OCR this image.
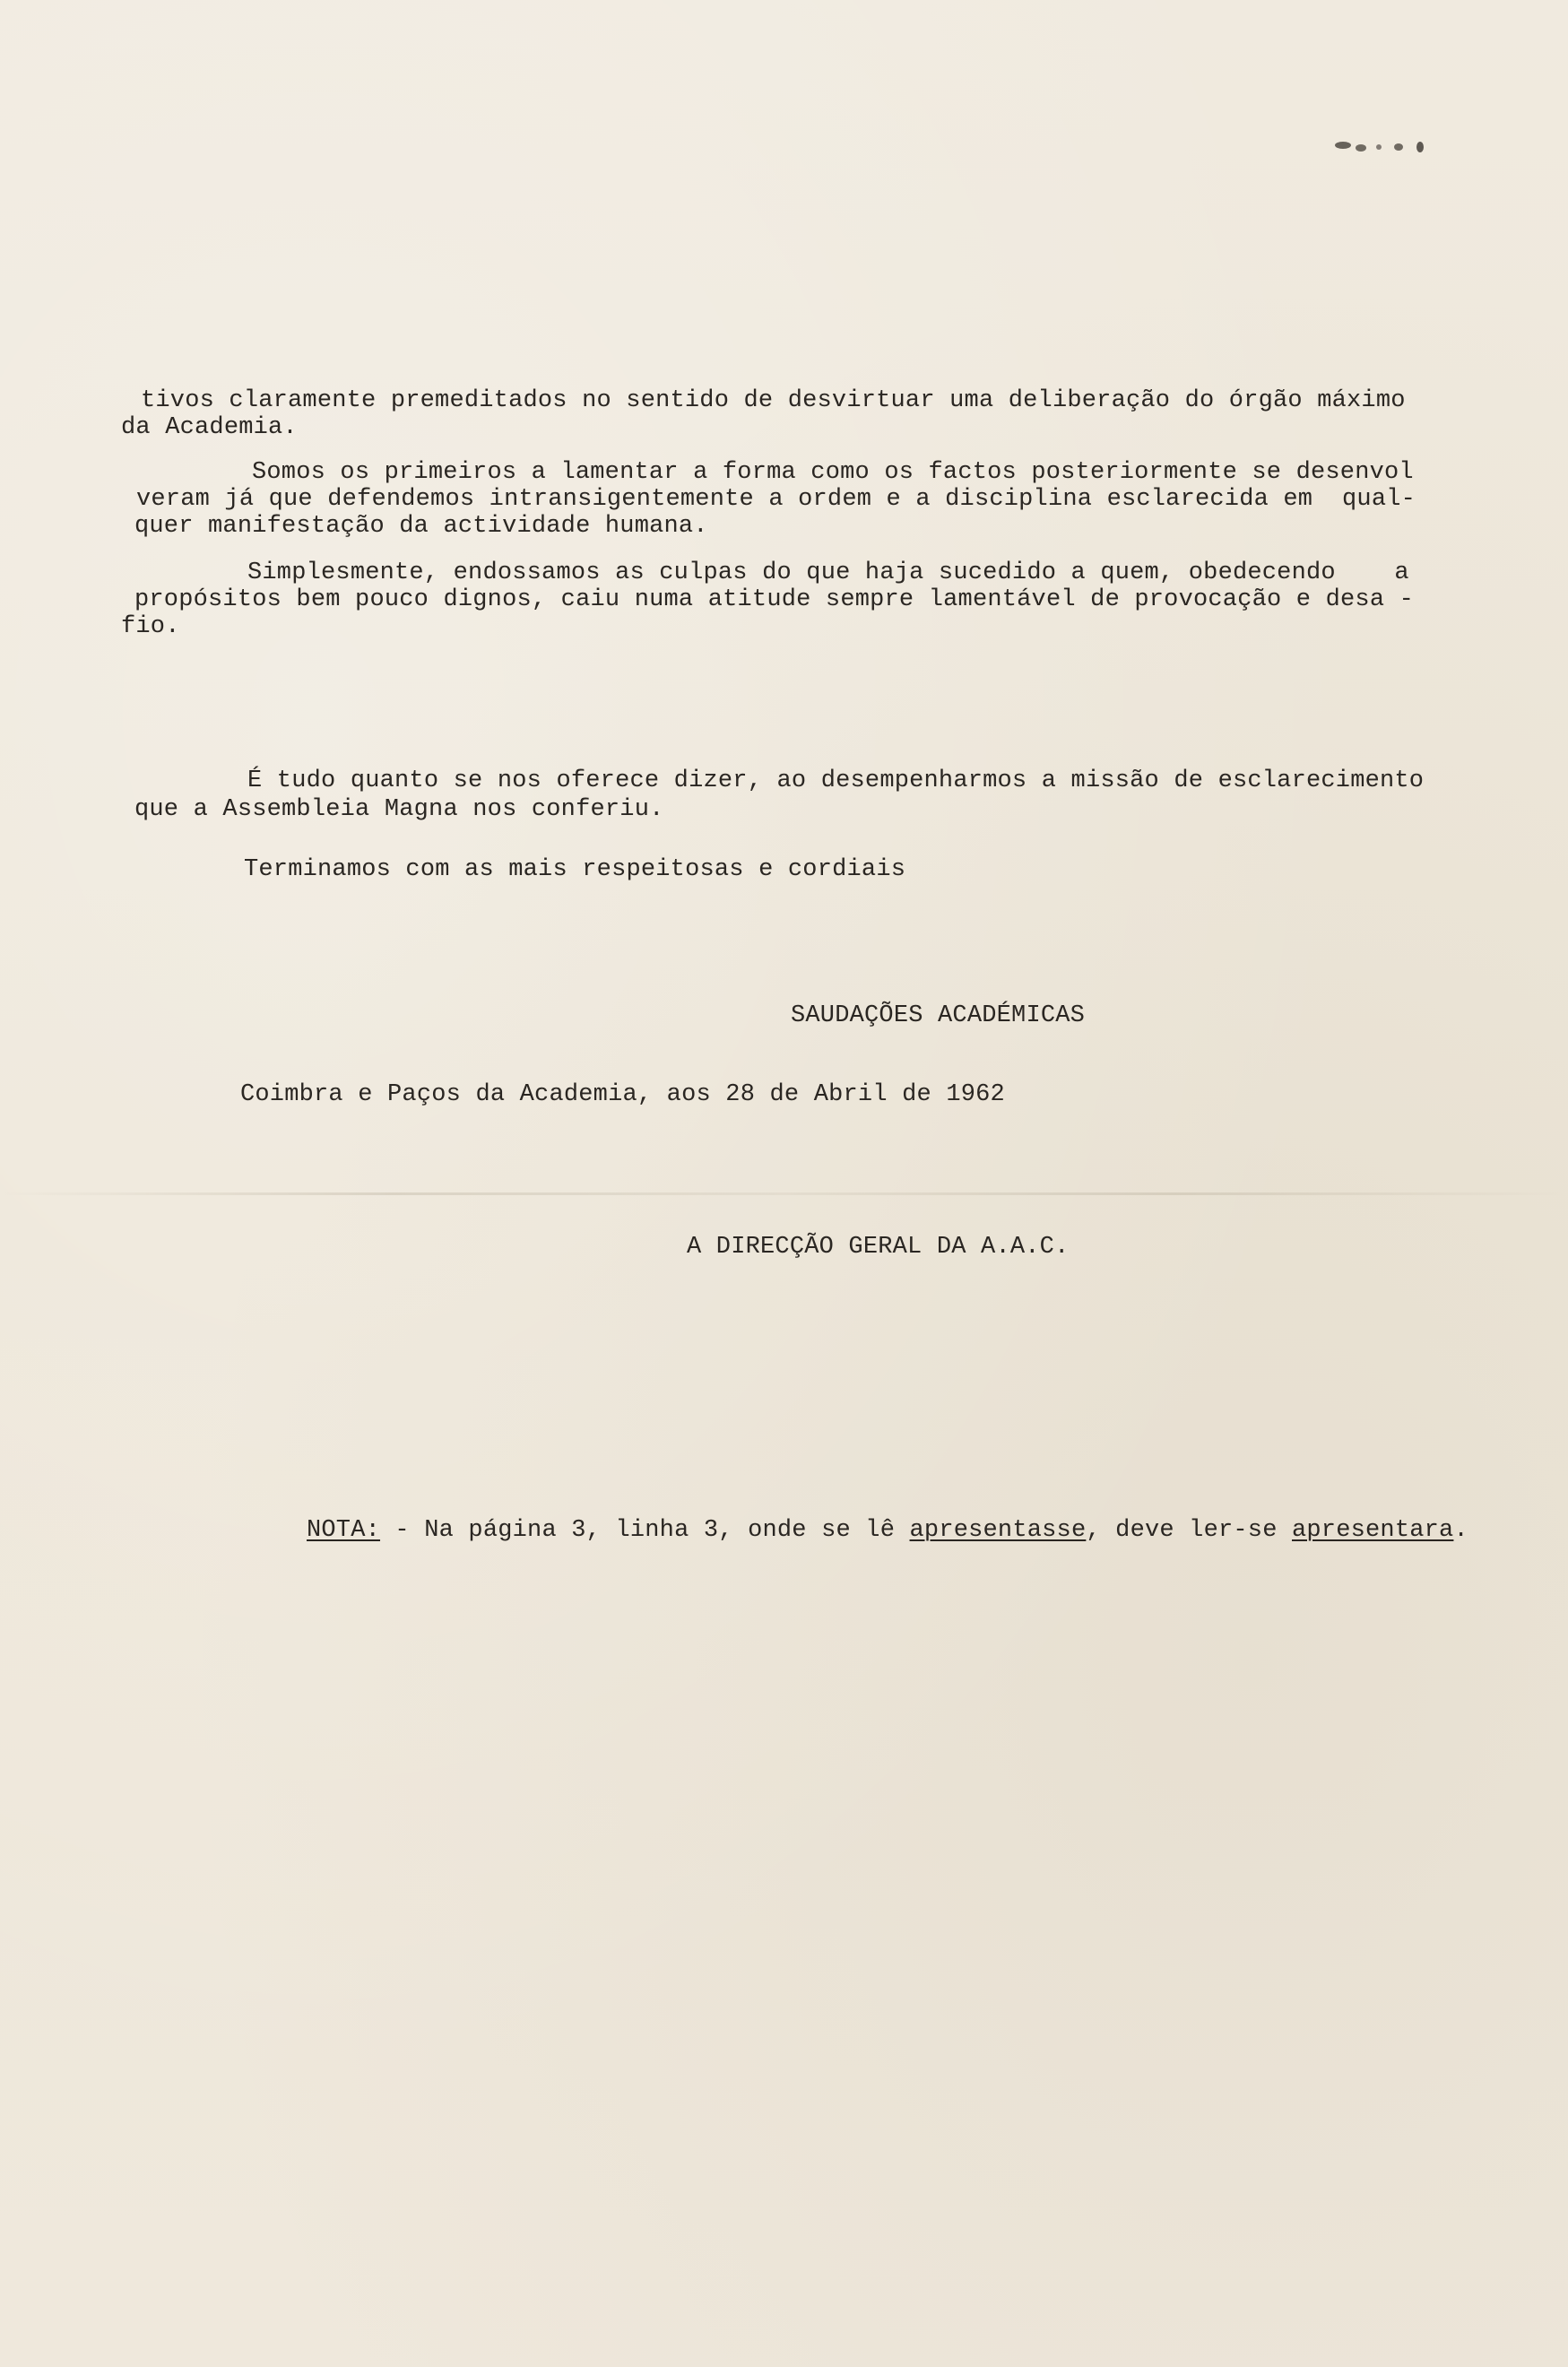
tivos claramente premeditados no sentido de desvirtuar uma deliberação do órgão máximo
da Academia.
Somos os primeiros a lamentar a forma como os factos posteriormente se desenvol
veram já que defendemos intransigentemente a ordem e a disciplina esclarecida em  qual-
quer manifestação da actividade humana.
Simplesmente, endossamos as culpas do que haja sucedido a quem, obedecendo    a
propósitos bem pouco dignos, caiu numa atitude sempre lamentável de provocação e desa -
fio.
É tudo quanto se nos oferece dizer, ao desempenharmos a missão de esclarecimento
que a Assembleia Magna nos conferiu.
Terminamos com as mais respeitosas e cordiais
SAUDAÇÕES ACADÉMICAS
Coimbra e Paços da Academia, aos 28 de Abril de 1962
A DIRECÇÃO GERAL DA A.A.C.
NOTA: - Na página 3, linha 3, onde se lê apresentasse, deve ler-se apresentara.
